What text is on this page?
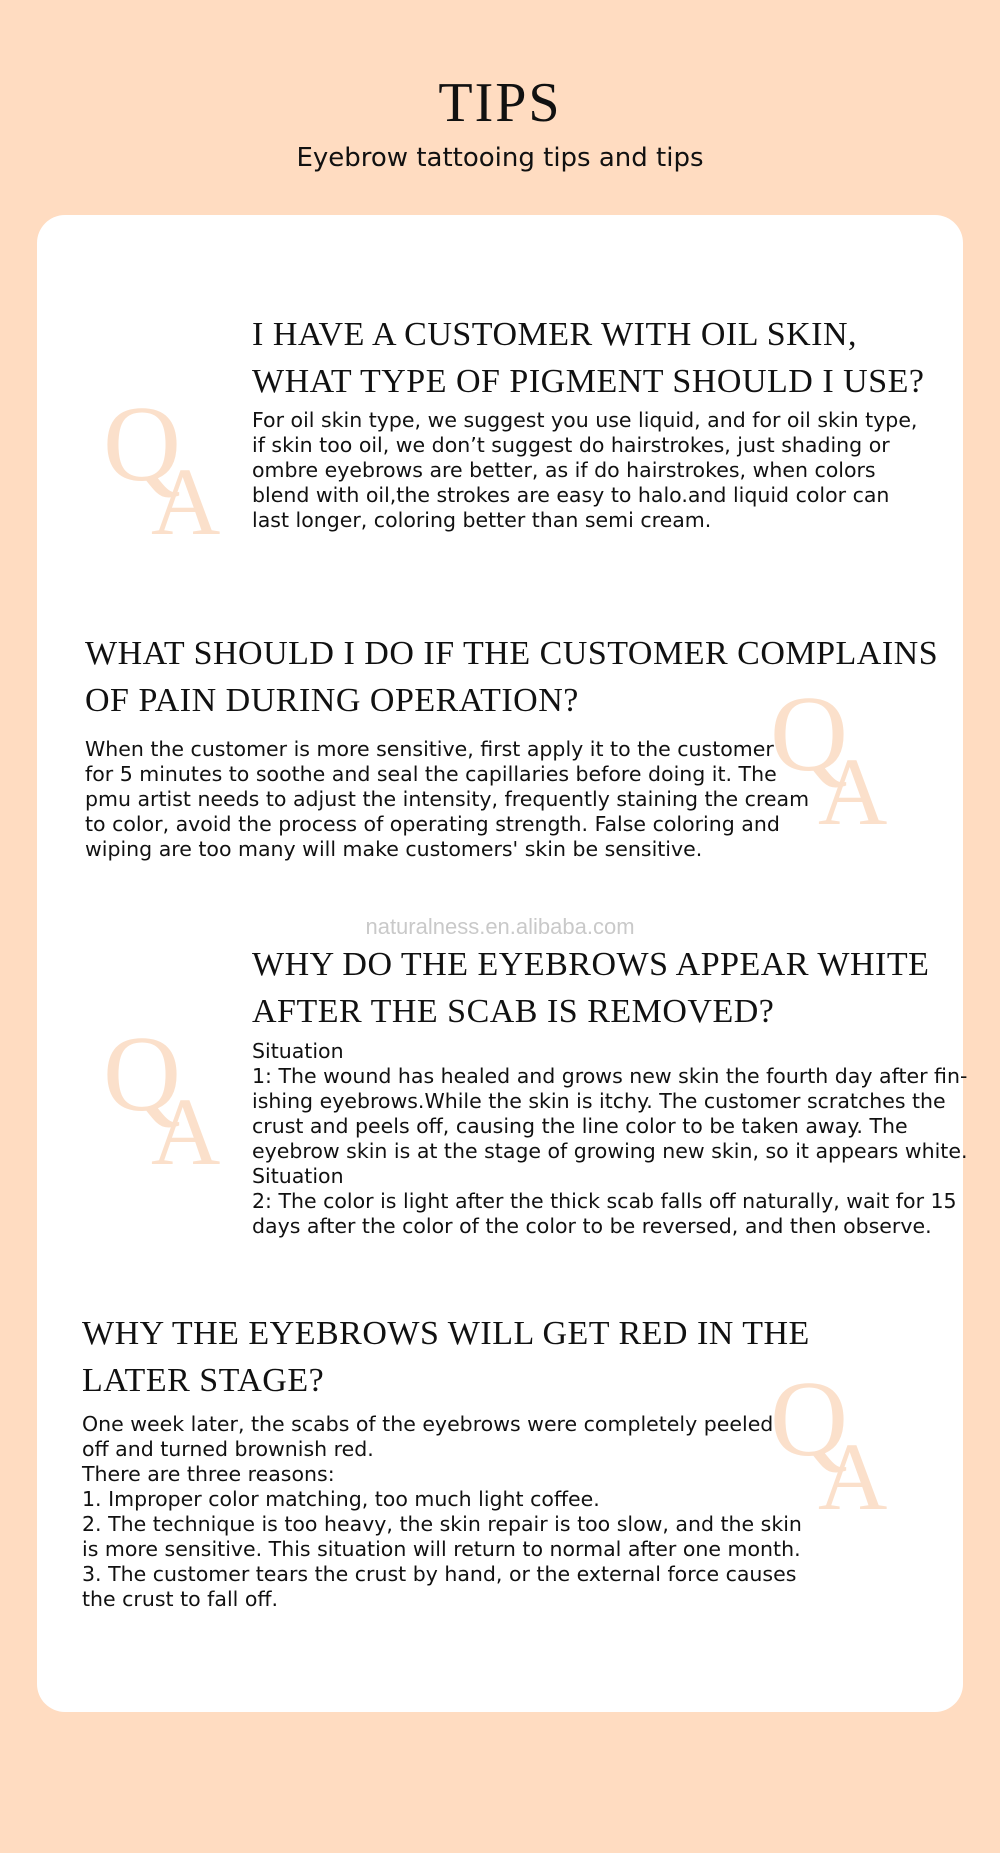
TIPS
Eyebrow tattooing tips and tips
Q
A
I HAVE A CUSTOMER WITH OIL SKIN,
WHAT TYPE OF PIGMENT SHOULD I USE?
For oil skin type, we suggest you use liquid, and for oil skin type,
if skin too oil, we don’t suggest do hairstrokes, just shading or
ombre eyebrows are better, as if do hairstrokes, when colors
blend with oil,the strokes are easy to halo.and liquid color can
last longer, coloring better than semi cream.
Q
A
WHAT SHOULD I DO IF THE CUSTOMER COMPLAINS
OF PAIN DURING OPERATION?
When the customer is more sensitive, first apply it to the customer
for 5 minutes to soothe and seal the capillaries before doing it. The
pmu artist needs to adjust the intensity, frequently staining the cream
to color, avoid the process of operating strength. False coloring and
wiping are too many will make customers' skin be sensitive.
Q
A
WHY DO THE EYEBROWS APPEAR WHITE
AFTER THE SCAB IS REMOVED?
Situation
1: The wound has healed and grows new skin the fourth day after fin-
ishing eyebrows.While the skin is itchy. The customer scratches the
crust and peels off, causing the line color to be taken away. The
eyebrow skin is at the stage of growing new skin, so it appears white.
Situation
2: The color is light after the thick scab falls off naturally, wait for 15
days after the color of the color to be reversed, and then observe.
Q
A
WHY THE EYEBROWS WILL GET RED IN THE
LATER STAGE?
One week later, the scabs of the eyebrows were completely peeled
off and turned brownish red.
There are three reasons:
1. Improper color matching, too much light coffee.
2. The technique is too heavy, the skin repair is too slow, and the skin
is more sensitive. This situation will return to normal after one month.
3. The customer tears the crust by hand, or the external force causes
the crust to fall off.
naturalness.en.alibaba.com
